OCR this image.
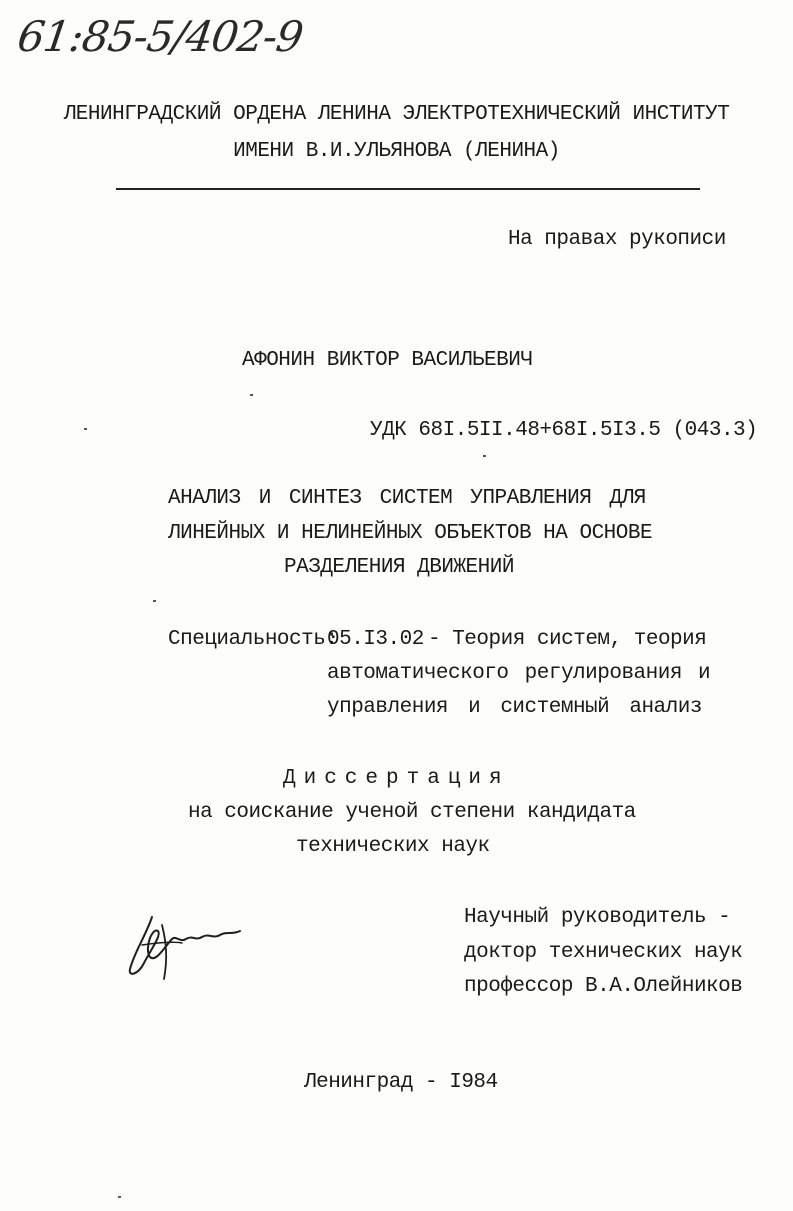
61:85-5/402-9
ЛЕНИНГРАДСКИЙ ОРДЕНА ЛЕНИНА ЭЛЕКТРОТЕХНИЧЕСКИЙ ИНСТИТУТ
ИМЕНИ В.И.УЛЬЯНОВА (ЛЕНИНА)
На правах рукописи
АФОНИН ВИКТОР ВАСИЛЬЕВИЧ
УДК 68I.5II.48+68I.5I3.5 (043.3)
АНАЛИЗ И СИНТЕЗ СИСТЕМ УПРАВЛЕНИЯ ДЛЯ
ЛИНЕЙНЫХ И НЕЛИНЕЙНЫХ ОБЪЕКТОВ НА ОСНОВЕ
РАЗДЕЛЕНИЯ ДВИЖЕНИЙ
Специальность:
05.I3.02 - Теория систем, теория
автоматического регулирования и
управления и системный анализ
Диссертация
на соискание ученой степени кандидата
технических наук
Научный руководитель -
доктор технических наук
профессор В.А.Олейников
Ленинград - I984
